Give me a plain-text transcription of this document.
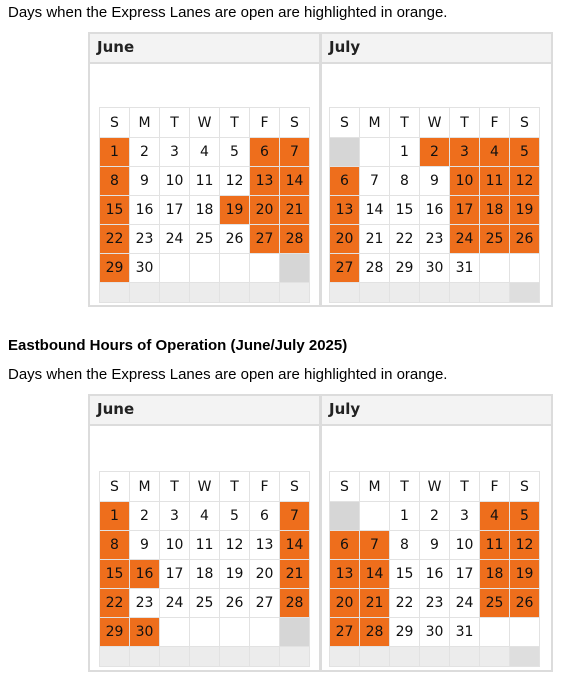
Days when the Express Lanes are open are highlighted in orange.
June
S	M	T	W	T	F	S
1	2	3	4	5	6	7
8	9	10	11	12	13	14
15	16	17	18	19	20	21
22	23	24	25	26	27	28
29	30					

July
S	M	T	W	T	F	S
		1	2	3	4	5
6	7	8	9	10	11	12
13	14	15	16	17	18	19
20	21	22	23	24	25	26
27	28	29	30	31		

Eastbound Hours of Operation (June/July 2025)
Days when the Express Lanes are open are highlighted in orange.
June
S	M	T	W	T	F	S
1	2	3	4	5	6	7
8	9	10	11	12	13	14
15	16	17	18	19	20	21
22	23	24	25	26	27	28
29	30					

July
S	M	T	W	T	F	S
		1	2	3	4	5
6	7	8	9	10	11	12
13	14	15	16	17	18	19
20	21	22	23	24	25	26
27	28	29	30	31		
